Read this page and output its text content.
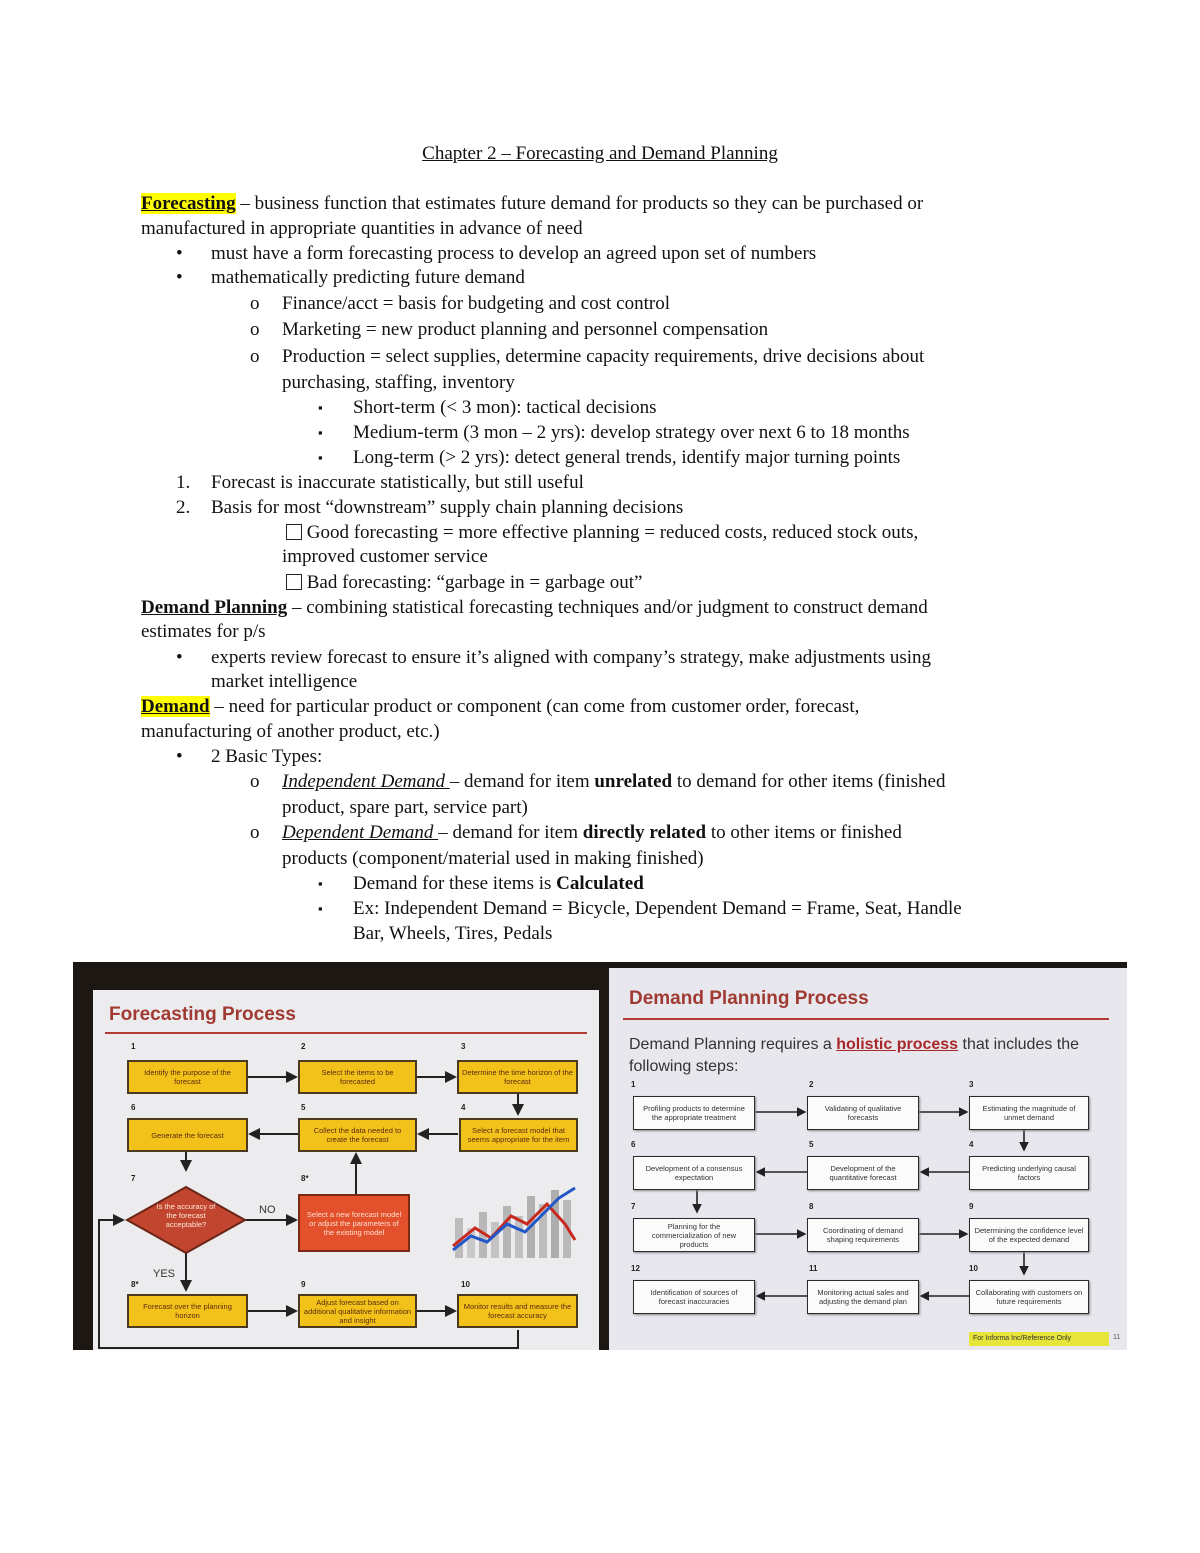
Chapter 2 – Forecasting and Demand Planning
Forecasting – business function that estimates future demand for products so they can be purchased or
manufactured in appropriate quantities in advance of need
• must have a form forecasting process to develop an agreed upon set of numbers
• mathematically predicting future demand
o Finance/acct = basis for budgeting and cost control
o Marketing = new product planning and personnel compensation
o Production = select supplies, determine capacity requirements, drive decisions about
purchasing, staffing, inventory
▪ Short-term (< 3 mon): tactical decisions
▪ Medium-term (3 mon – 2 yrs): develop strategy over next 6 to 18 months
▪ Long-term (> 2 yrs): detect general trends, identify major turning points
1. Forecast is inaccurate statistically, but still useful
2. Basis for most “downstream” supply chain planning decisions
Good forecasting = more effective planning = reduced costs, reduced stock outs,
improved customer service
Bad forecasting: “garbage in = garbage out”
Demand Planning – combining statistical forecasting techniques and/or judgment to construct demand
estimates for p/s
• experts review forecast to ensure it’s aligned with company’s strategy, make adjustments using
market intelligence
Demand – need for particular product or component (can come from customer order, forecast,
manufacturing of another product, etc.)
• 2 Basic Types:
o Independent Demand – demand for item unrelated to demand for other items (finished
product, spare part, service part)
o Dependent Demand – demand for item directly related to other items or finished
products (component/material used in making finished)
▪ Demand for these items is Calculated
▪ Ex: Independent Demand = Bicycle, Dependent Demand = Frame, Seat, Handle
Bar, Wheels, Tires, Pedals
Forecasting Process
1
Identify the purpose of the forecast
2
Select the items to be forecasted
3
Determine the time horizon of the forecast
4
Select a forecast model that seems appropriate for the item
5
Collect the data needed to create the forecast
6
Generate the forecast
7
Is the accuracy of the forecast acceptable?
NO
8*
Select a new forecast model or adjust the parameters of the existing model
YES
8*
Forecast over the planning horizon
9
Adjust forecast based on additional qualitative information and insight
10
Monitor results and measure the forecast accuracy
Demand Planning Process
Demand Planning requires a holistic process that includes the following steps:
1
Profiling products to determine the appropriate treatment
2
Validating of qualitative forecasts
3
Estimating the magnitude of unmet demand
4
Predicting underlying causal factors
5
Development of the quantitative forecast
6
Development of a consensus expectation
7
Planning for the commercialization of new products
8
Coordinating of demand shaping requirements
9
Determining the confidence level of the expected demand
10
Collaborating with customers on future requirements
11
Monitoring actual sales and adjusting the demand plan
12
Identification of sources of forecast inaccuracies
For Informa Inc/Reference Only	11
